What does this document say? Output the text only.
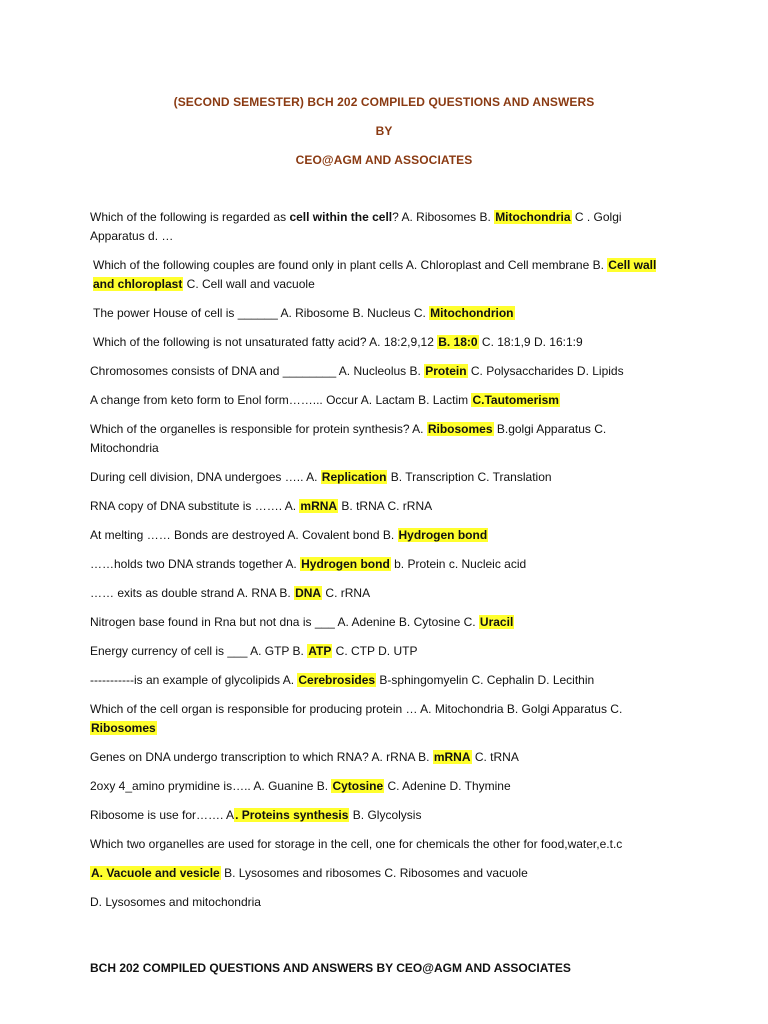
(SECOND SEMESTER) BCH 202 COMPILED QUESTIONS AND ANSWERS
BY
CEO@AGM AND ASSOCIATES
Which of the following is regarded as cell within the cell? A. Ribosomes B. Mitochondria C . Golgi Apparatus d. …
Which of the following couples are found only in plant cells A. Chloroplast and Cell membrane B. Cell wall and chloroplast C. Cell wall and vacuole
The power House of cell is ______ A. Ribosome B. Nucleus C. Mitochondrion
Which of the following is not unsaturated fatty acid? A. 18:2,9,12 B. 18:0 C. 18:1,9 D. 16:1:9
Chromosomes consists of DNA and ________ A. Nucleolus B. Protein C. Polysaccharides D. Lipids
A change from keto form to Enol form……... Occur A. Lactam B. Lactim C.Tautomerism
Which of the organelles is responsible for protein synthesis? A. Ribosomes B.golgi Apparatus C. Mitochondria
During cell division, DNA undergoes ….. A. Replication B. Transcription C. Translation
RNA copy of DNA substitute is ……. A. mRNA B. tRNA C. rRNA
At melting …… Bonds are destroyed A. Covalent bond B. Hydrogen bond
……holds two DNA strands together A. Hydrogen bond b. Protein c. Nucleic acid
…… exits as double strand A. RNA B. DNA C. rRNA
Nitrogen base found in Rna but not dna is ___ A. Adenine B. Cytosine C. Uracil
Energy currency of cell is ___ A. GTP B. ATP C. CTP D. UTP
-----------is an example of glycolipids A. Cerebrosides B-sphingomyelin C. Cephalin D. Lecithin
Which of the cell organ is responsible for producing protein … A. Mitochondria B. Golgi Apparatus C. Ribosomes
Genes on DNA undergo transcription to which RNA? A. rRNA B. mRNA C. tRNA
2oxy 4_amino prymidine is….. A. Guanine B. Cytosine C. Adenine D. Thymine
Ribosome is use for……. A. Proteins synthesis B. Glycolysis
Which two organelles are used for storage in the cell, one for chemicals the other for food,water,e.t.c
A. Vacuole and vesicle B. Lysosomes and ribosomes C. Ribosomes and vacuole
D. Lysosomes and mitochondria
BCH 202 COMPILED QUESTIONS AND ANSWERS BY CEO@AGM AND ASSOCIATES
